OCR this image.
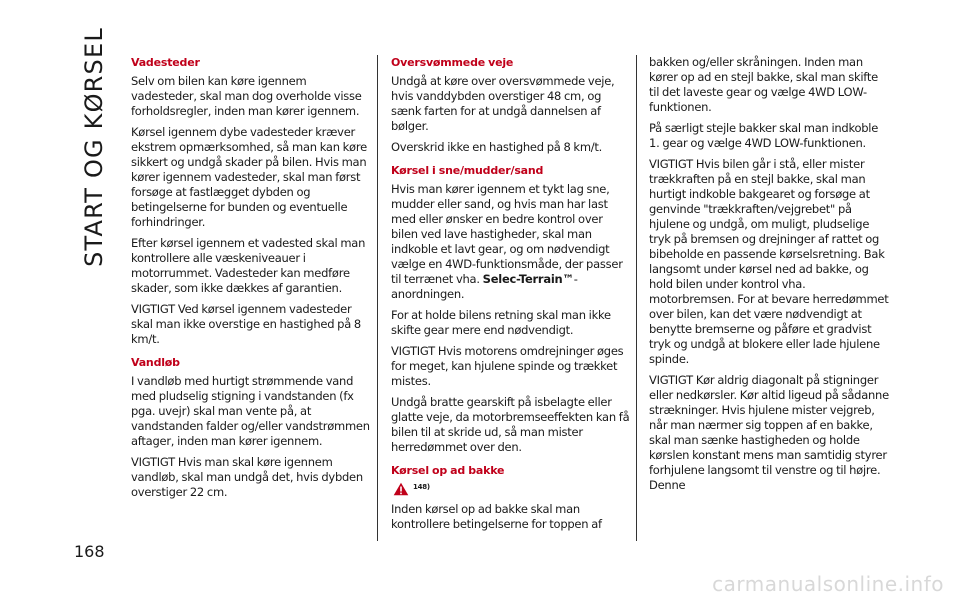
START OG KØRSEL
168
Vadesteder

Selv om bilen kan køre igennem vadesteder, skal man dog overholde visse forholdsregler, inden man kører igennem.

Kørsel igennem dybe vadesteder kræver ekstrem opmærksomhed, så man kan køre sikkert og undgå skader på bilen. Hvis man kører igennem vadesteder, skal man først forsøge at fastlægget dybden og betingelserne for bunden og eventuelle forhindringer.

Efter kørsel igennem et vadested skal man kontrollere alle væskeniveauer i motorrummet. Vadesteder kan medføre skader, som ikke dækkes af garantien.

VIGTIGT Ved kørsel igennem vadesteder skal man ikke overstige en hastighed på 8 km/t.

Vandløb

I vandløb med hurtigt strømmende vand med pludselig stigning i vandstanden (fx pga. uvejr) skal man vente på, at vandstanden falder og/eller vandstrømmen aftager, inden man kører igennem.

VIGTIGT Hvis man skal køre igennem vandløb, skal man undgå det, hvis dybden overstiger 22 cm.

Oversvømmede veje

Undgå at køre over oversvømmede veje, hvis vanddybden overstiger 48 cm, og sænk farten for at undgå dannelsen af bølger.

Overskrid ikke en hastighed på 8 km/t.

Kørsel i sne/mudder/sand

Hvis man kører igennem et tykt lag sne, mudder eller sand, og hvis man har last med eller ønsker en bedre kontrol over bilen ved lave hastigheder, skal man indkoble et lavt gear, og om nødvendigt vælge en 4WD-funktionsmåde, der passer til terrænet vha. Selec-Terrain™-anordningen.

For at holde bilens retning skal man ikke skifte gear mere end nødvendigt.

VIGTIGT Hvis motorens omdrejninger øges for meget, kan hjulene spinde og trækket mistes.

Undgå bratte gearskift på isbelagte eller glatte veje, da motorbremseeffekten kan få bilen til at skride ud, så man mister herredømmet over den.

Kørsel op ad bakke
148)

Inden kørsel op ad bakke skal man kontrollere betingelserne for toppen af

bakken og/eller skråningen. Inden man kører op ad en stejl bakke, skal man skifte til det laveste gear og vælge 4WD LOW-funktionen.

På særligt stejle bakker skal man indkoble 1. gear og vælge 4WD LOW-funktionen.

VIGTIGT Hvis bilen går i stå, eller mister trækkraften på en stejl bakke, skal man hurtigt indkoble bakgearet og forsøge at genvinde "trækkraften/vejgrebet" på hjulene og undgå, om muligt, pludselige tryk på bremsen og drejninger af rattet og bibeholde en passende kørselsretning. Bak langsomt under kørsel ned ad bakke, og hold bilen under kontrol vha. motorbremsen. For at bevare herredømmet over bilen, kan det være nødvendigt at benytte bremserne og påføre et gradvist tryk og undgå at blokere eller lade hjulene spinde.

VIGTIGT Kør aldrig diagonalt på stigninger eller nedkørsler. Kør altid ligeud på sådanne strækninger. Hvis hjulene mister vejgreb, når man nærmer sig toppen af en bakke, skal man sænke hastigheden og holde kørslen konstant mens man samtidig styrer forhjulene langsomt til venstre og til højre. Denne

carmanualsonline.info
